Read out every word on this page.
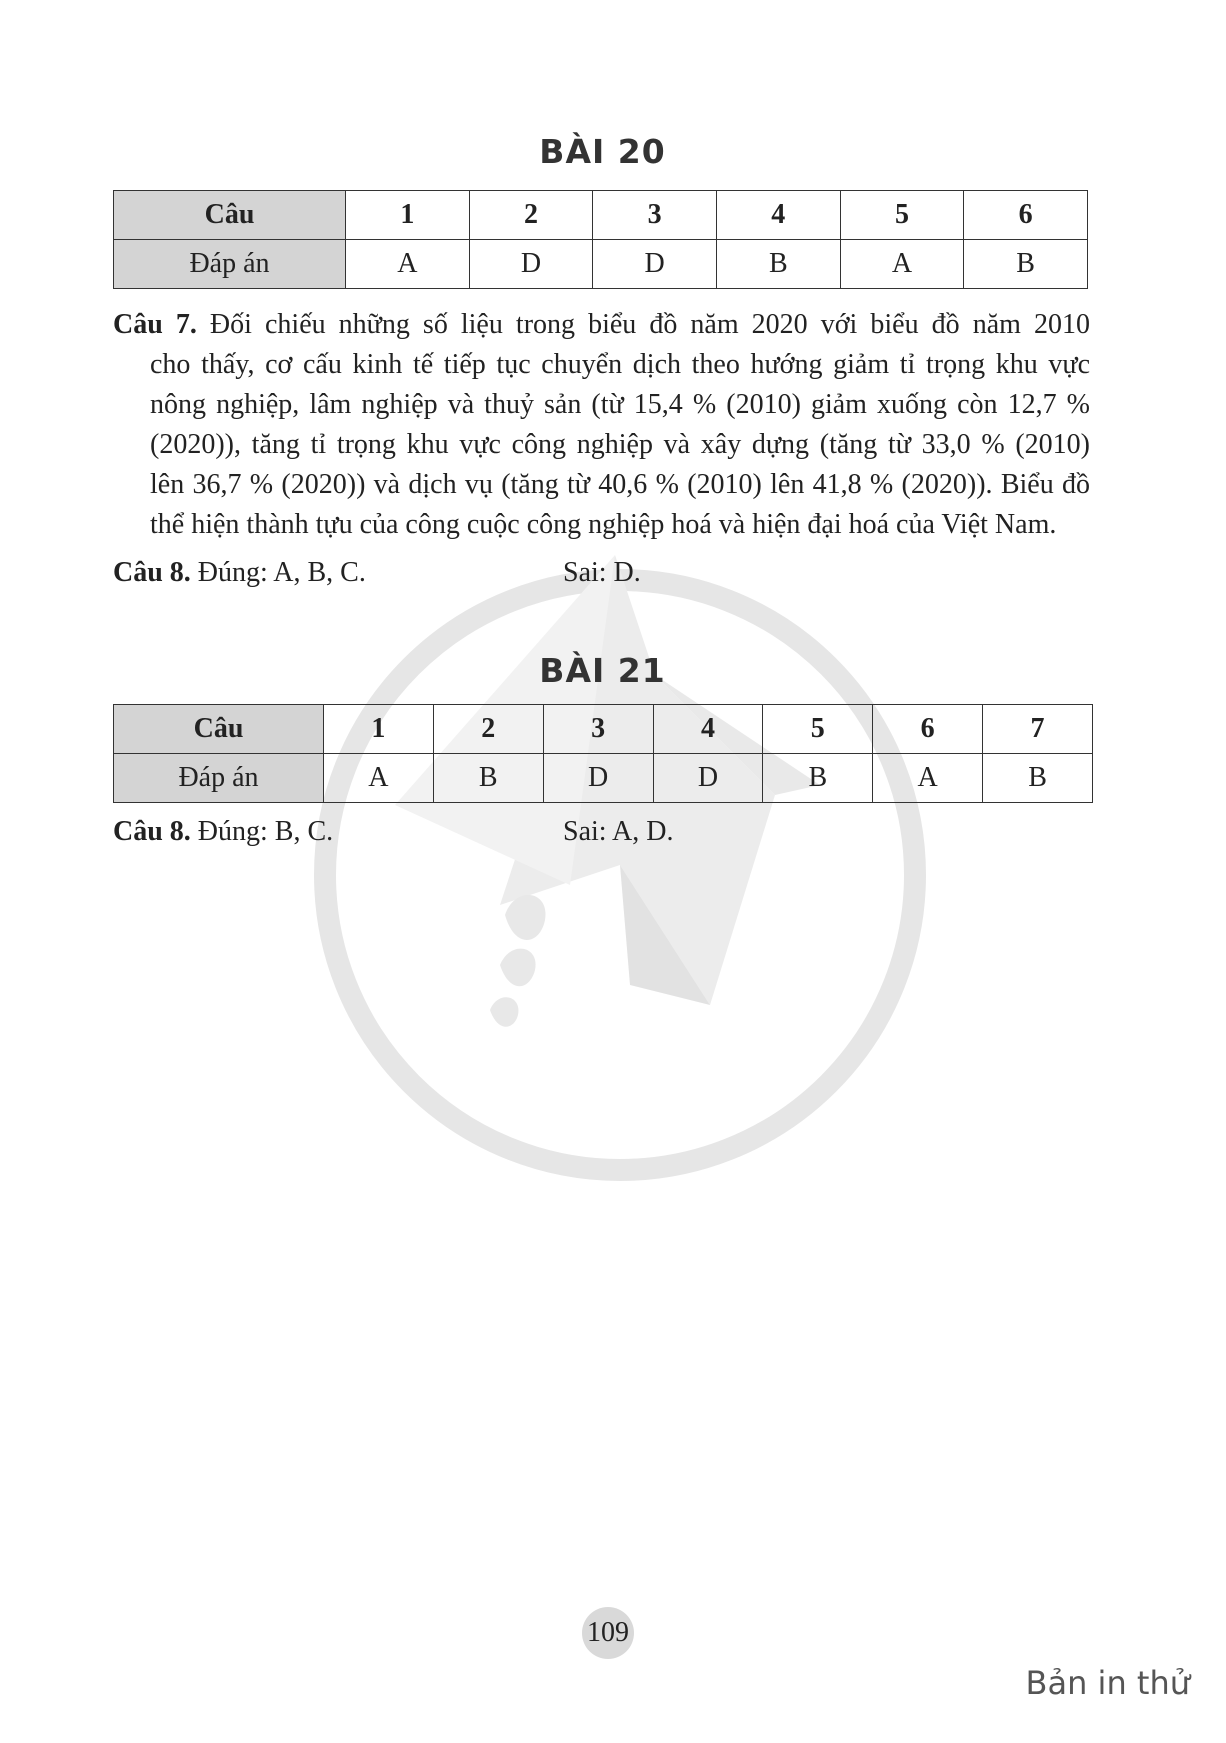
BÀI 20
Câu	1	2	3	4	5	6
Đáp án	A	D	D	B	A	B
Câu 7. Đối chiếu những số liệu trong biểu đồ năm 2020 với biểu đồ năm 2010
cho thấy, cơ cấu kinh tế tiếp tục chuyển dịch theo hướng giảm tỉ trọng khu vực
nông nghiệp, lâm nghiệp và thuỷ sản (từ 15,4 % (2010) giảm xuống còn 12,7 %
(2020)), tăng tỉ trọng khu vực công nghiệp và xây dựng (tăng từ 33,0 % (2010)
lên 36,7 % (2020)) và dịch vụ (tăng từ 40,6 % (2010) lên 41,8 % (2020)). Biểu đồ
thể hiện thành tựu của công cuộc công nghiệp hoá và hiện đại hoá của Việt Nam.
Câu 8. Đúng: A, B, C.	Sai: D.
BÀI 21
Câu	1	2	3	4	5	6	7
Đáp án	A	B	D	D	B	A	B
Câu 8. Đúng: B, C.	Sai: A, D.
109
Bản in thử
